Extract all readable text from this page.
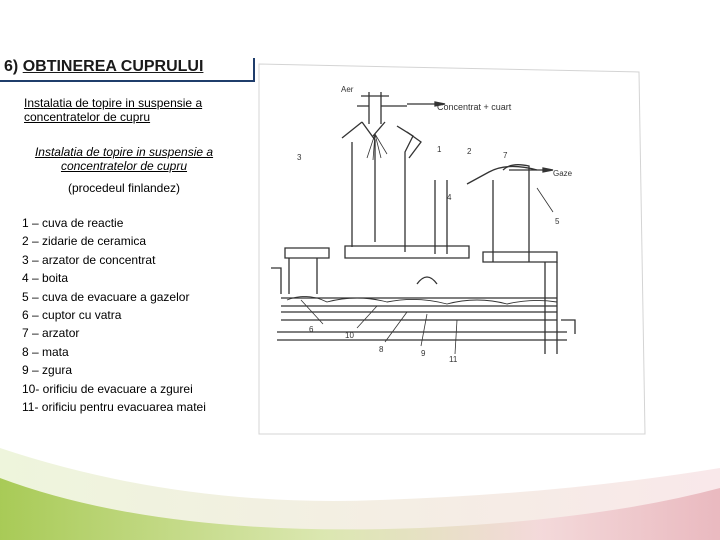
6) OBTINEREA CUPRULUI
Instalatia de topire in suspensie a concentratelor de cupru
Instalatia de topire in suspensie a concentratelor de cupru
(procedeul finlandez)
1 – cuva de reactie
2 – zidarie de ceramica
3 – arzator de concentrat
4 – boita
5 – cuva de evacuare a gazelor
6 – cuptor cu vatra
7 – arzator
8 – mata
9 – zgura
10- orificiu de evacuare a zgurei
11- orificiu pentru evacuarea matei
Aer
Concentrat + cuart
Gaze
1	2
3
4
5
6
7
8	9
10
11
